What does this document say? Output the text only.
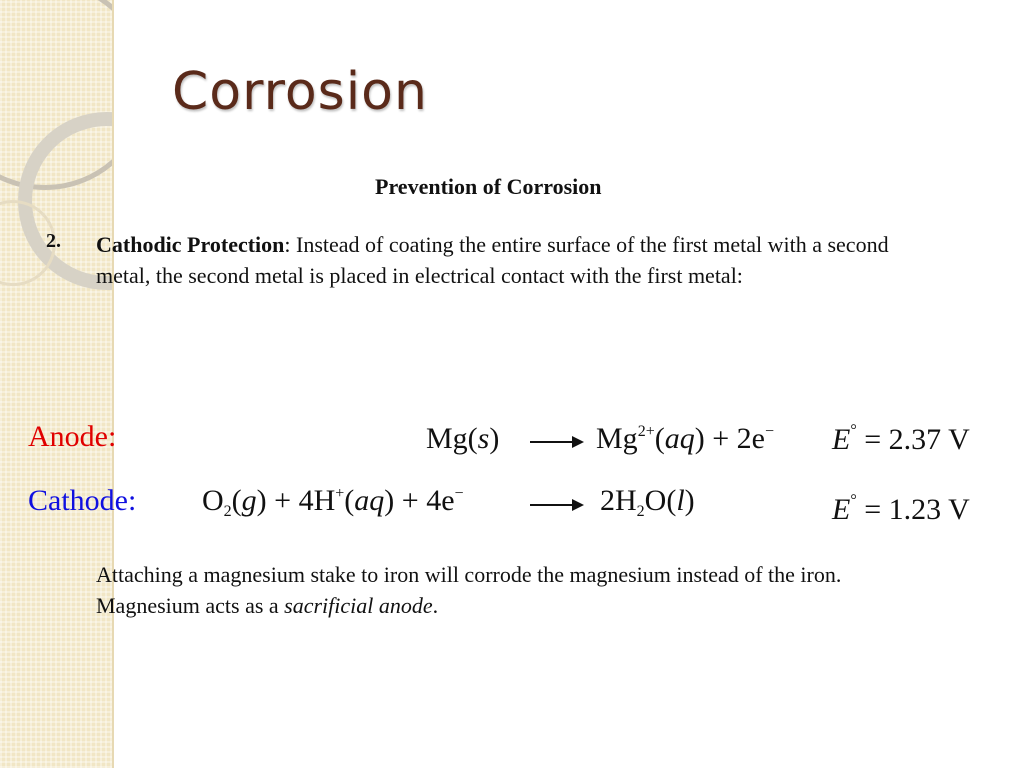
Corrosion
Prevention of Corrosion
2. Cathodic Protection: Instead of coating the entire surface of the first metal with a second metal, the second metal is placed in electrical contact with the first metal:
Anode:	$Mg(s) \to Mg^{2+}(aq) + 2e^-$ E° = 2.37 V
Cathode: $O_2(g) + 4H^+(aq) + 4e^- \to 2H_2O(l)$	E° = 1.23 V
Attaching a magnesium stake to iron will corrode the magnesium instead of the iron. Magnesium acts as a sacrificial anode.
